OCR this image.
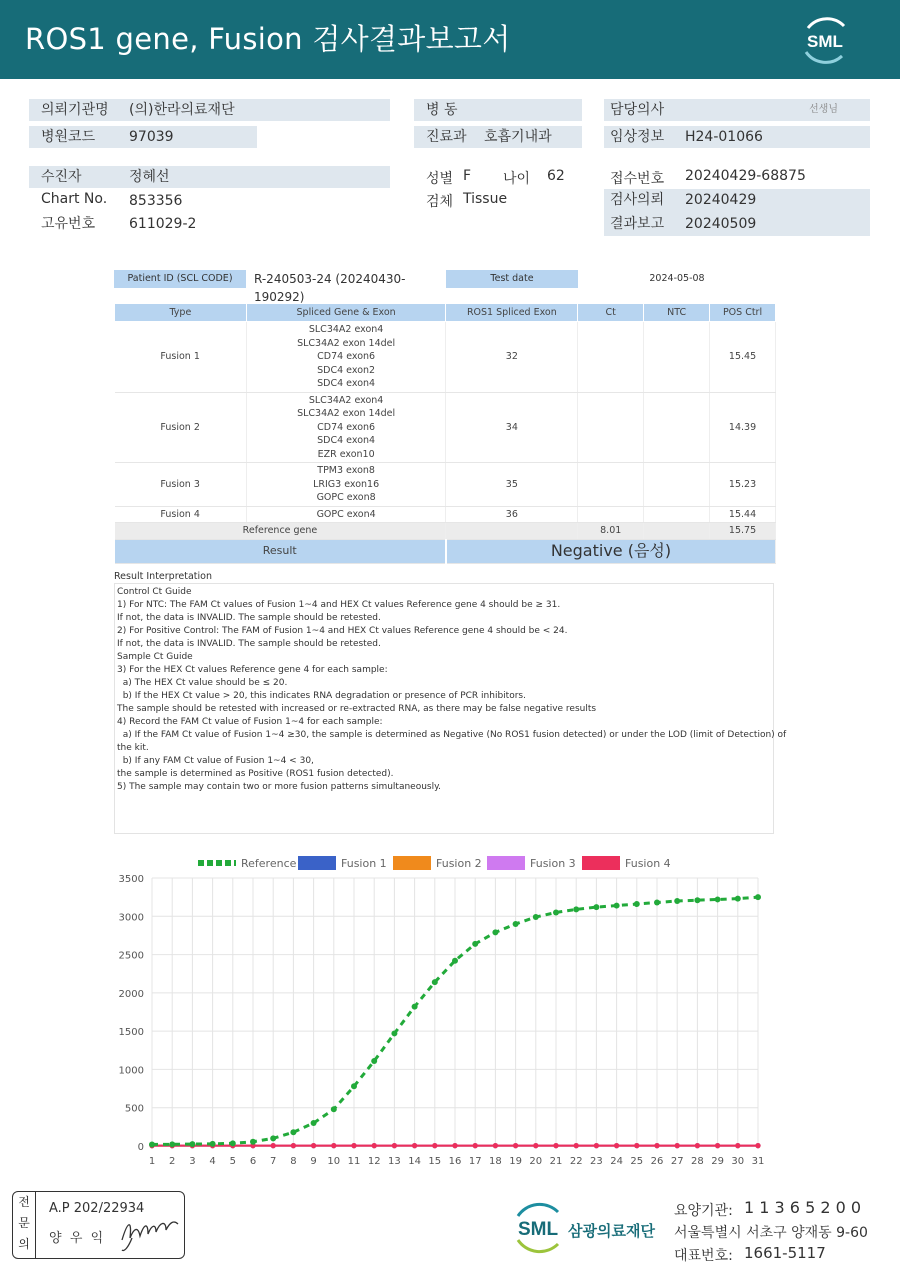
ROS1 gene, Fusion 검사결과보고서	SML
의뢰기관명 (의)한라의료재단
병원코드 97039
병 동
진료과 호흡기내과
담당의사	선생님
임상정보 H24-01066
수진자	정혜선
Chart No. 853356
고유번호 611029-2
성별 F 나이 62
검체 Tissue
접수번호 20240429-68875
검사의뢰 20240429
결과보고 20240509
Patient ID (SCL CODE)	R-240503-24 (20240430-190292)
Test date	2024-05-08
Type	Spliced Gene & Exon	ROS1 Spliced Exon	Ct	NTC	POS Ctrl
Fusion 1	SLC34A2 exon4
SLC34A2 exon 14del
CD74 exon6
SDC4 exon2
SDC4 exon4	32			15.45
Fusion 2	SLC34A2 exon4
SLC34A2 exon 14del
CD74 exon6
SDC4 exon4
EZR exon10	34			14.39
Fusion 3	TPM3 exon8
LRIG3 exon16
GOPC exon8	35			15.23
Fusion 4	GOPC exon4	36			15.44
Reference gene			8.01		15.75
Result		Negative (음성)			
Result Interpretation
Control Ct Guide
1) For NTC: The FAM Ct values of Fusion 1~4 and HEX Ct values Reference gene 4 should be ≥ 31.
If not, the data is INVALID. The sample should be retested.
2) For Positive Control: The FAM of Fusion 1~4 and HEX Ct values Reference gene 4 should be < 24.
If not, the data is INVALID. The sample should be retested.
Sample Ct Guide
3) For the HEX Ct values Reference gene 4 for each sample:
a) The HEX Ct value should be ≤ 20.
b) If the HEX Ct value > 20, this indicates RNA degradation or presence of PCR inhibitors.
The sample should be retested with increased or re-extracted RNA, as there may be false negative results
4) Record the FAM Ct value of Fusion 1~4 for each sample:
a) If the FAM Ct value of Fusion 1~4 ≥30, the sample is determined as Negative (No ROS1 fusion detected) or under the LOD (limit of Detection) of
the kit.
b) If any FAM Ct value of Fusion 1~4 < 30,
the sample is determined as Positive (ROS1 fusion detected).
5) The sample may contain two or more fusion patterns simultaneously.
1 2 3 4 5 6 7 8 9 10 11 12 13 14 15 16 17 18 19 20 21 22 23 24 25 26 27 28 29 30 31
0
500
1000
1500
2000
2500
3000
3500
Reference	Fusion 1	Fusion 2	Fusion 3	Fusion 4
전
문
의
A.P 202/22934
양  우  익	SML 삼광의료재단
요양기관: 1 1 3 6 5 2 0 0
서울특별시 서초구 양재동 9-60
대표번호: 1661-5117
